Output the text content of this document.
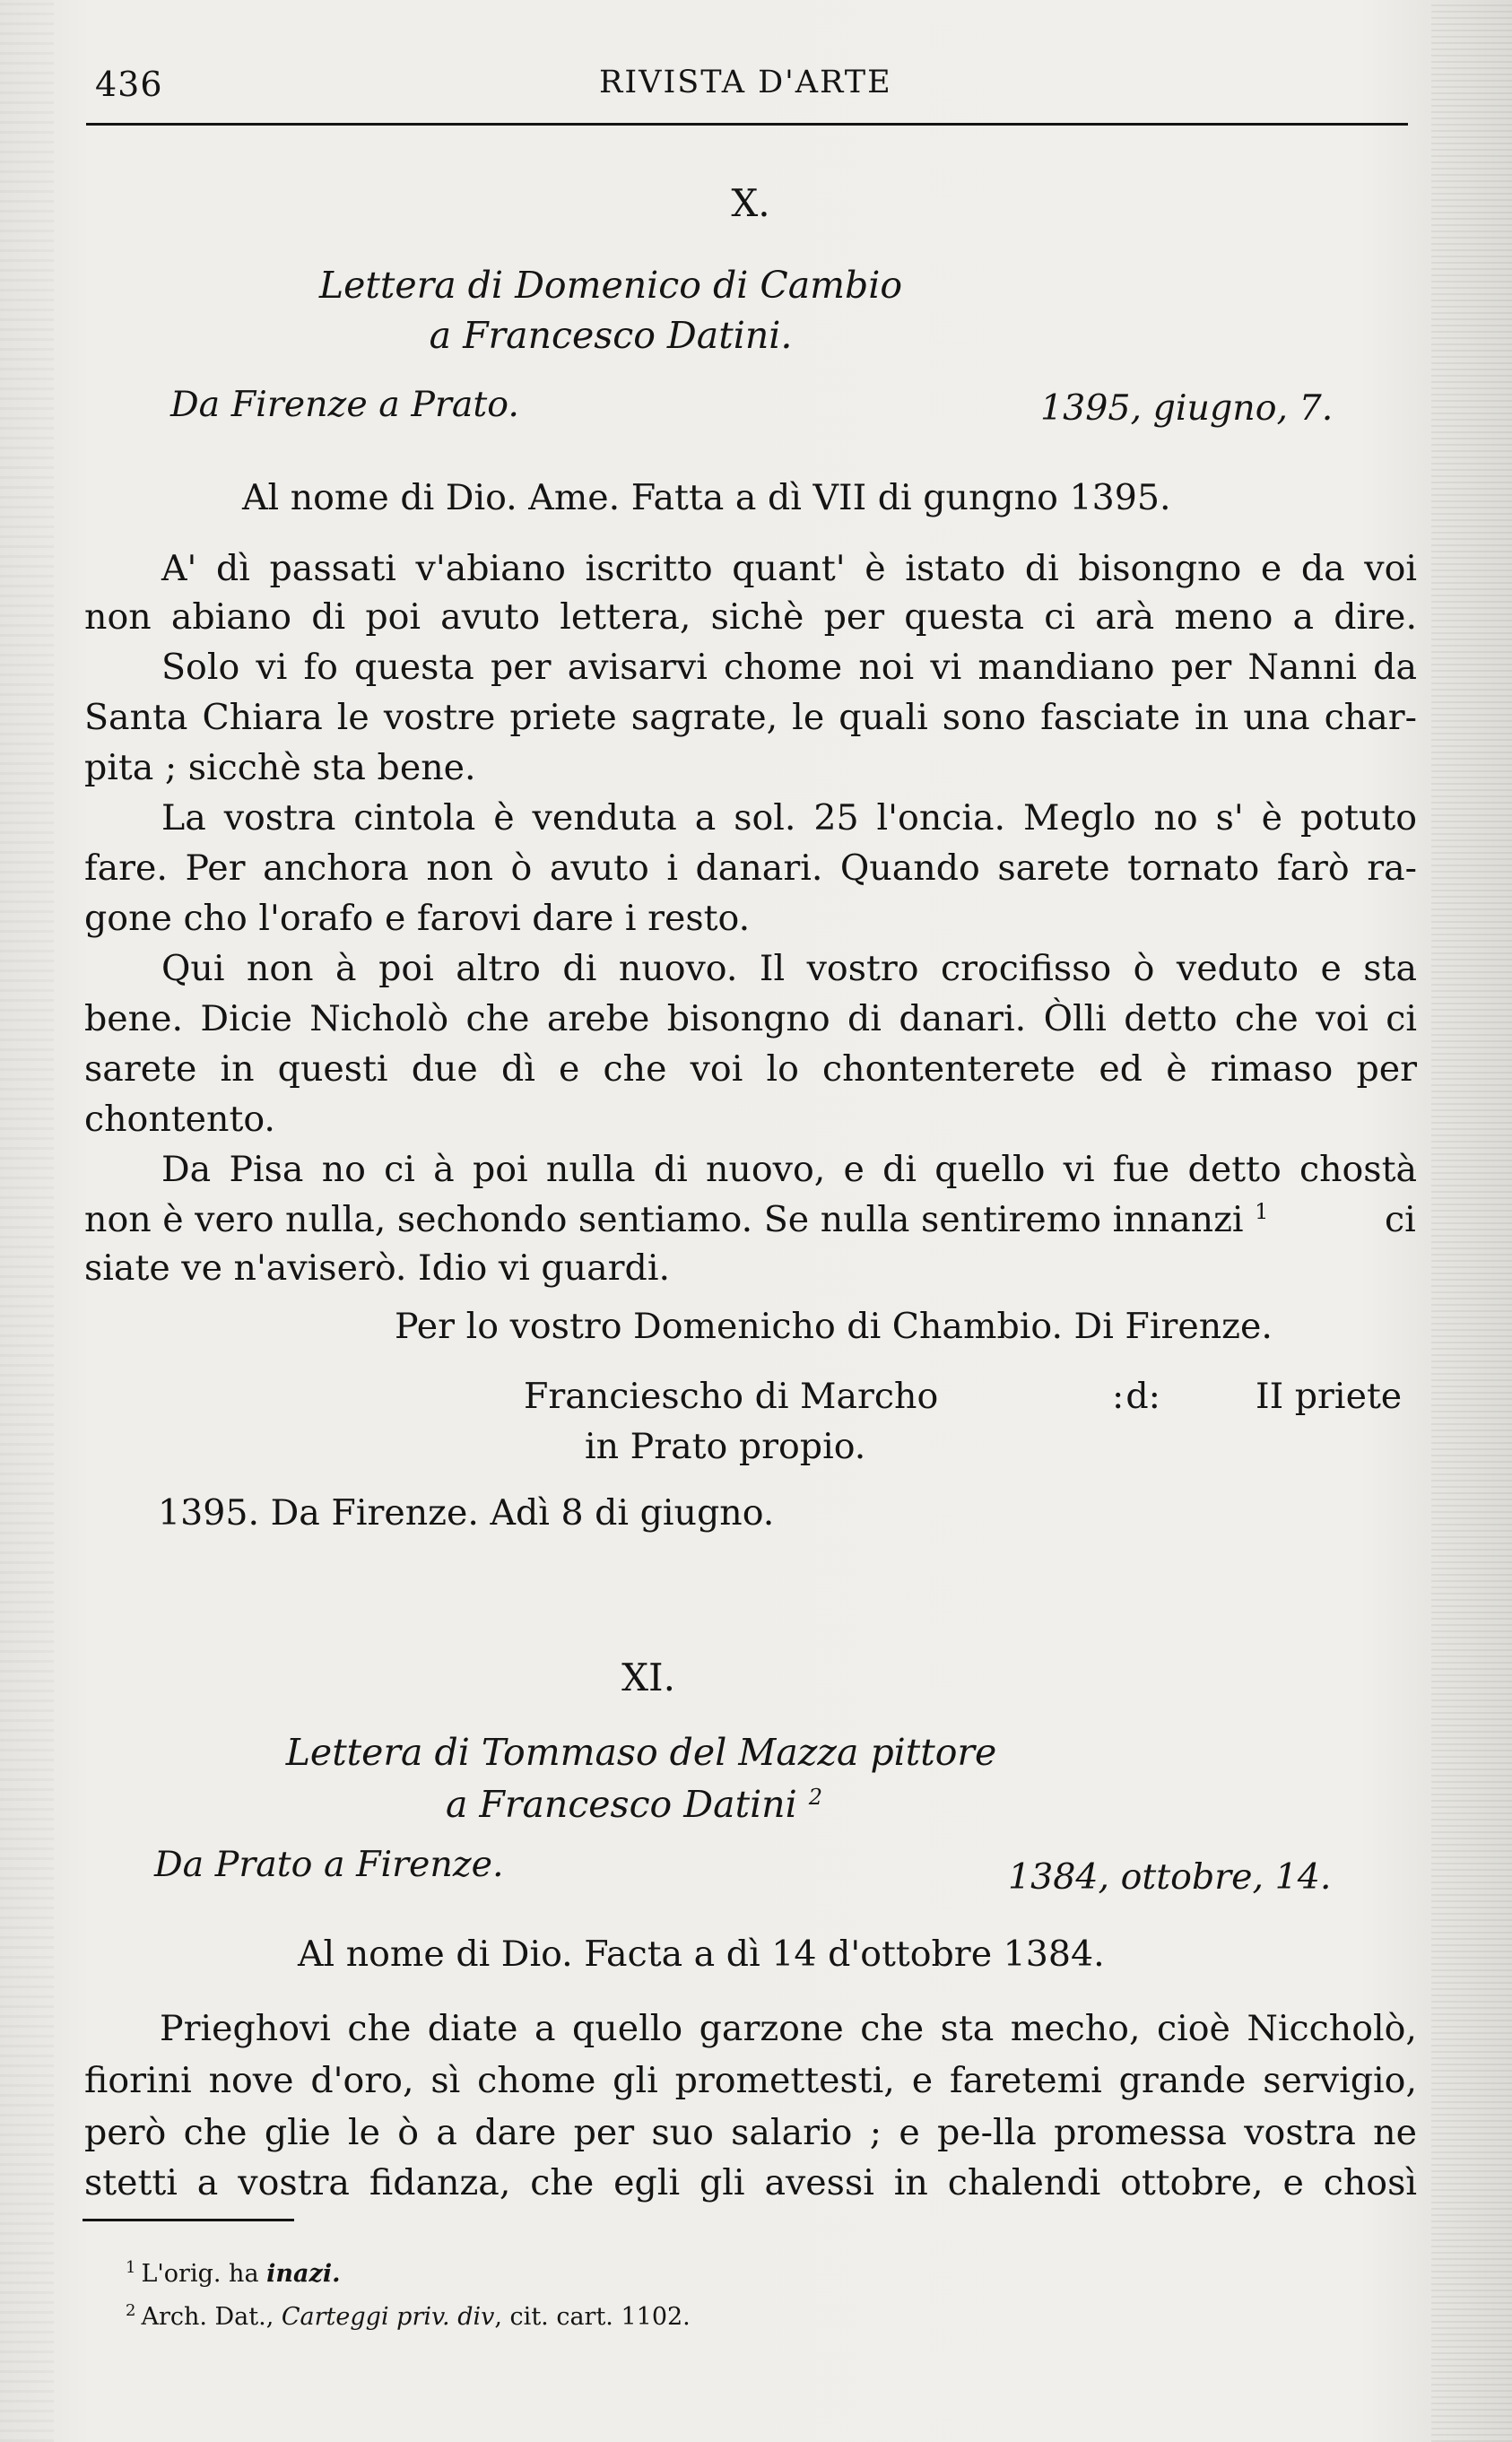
436	RIVISTA D'ARTE
X.
Lettera di Domenico di Cambio
a Francesco Datini.
Da Firenze a Prato.	1395, giugno, 7.
Al nome di Dio. Ame. Fatta a dì VII di gungno 1395.

A' dì passati v'abiano iscritto quant' è istato di bisongno e da voi

non abiano di poi avuto lettera, sichè per questa ci arà meno a dire.

Solo vi fo questa per avisarvi chome noi vi mandiano per Nanni da

Santa Chiara le vostre priete sagrate, le quali sono fasciate in una char-

pita ; sicchè sta bene.

La vostra cintola è venduta a sol. 25 l'oncia. Meglo no s' è potuto

fare. Per anchora non ò avuto i danari. Quando sarete tornato farò ra-

gone cho l'orafo e farovi dare i resto.

Qui non à poi altro di nuovo. Il vostro crocifisso ò veduto e sta

bene. Dicie Nicholò che arebe bisongno di danari. Òlli detto che voi ci

sarete in questi due dì e che voi lo chontenterete ed è rimaso per

chontento.

Da Pisa no ci à poi nulla di nuovo, e di quello vi fue detto chostà

non è vero nulla, sechondo sentiamo. Se nulla sentiremo innanzi $^1$	ci

siate ve n'aviserò. Idio vi guardi.

Per lo vostro Domenicho di Chambio. Di Firenze.
Franciescho di Marcho
in Prato propio.
:d:	II priete
1395. Da Firenze. Adì 8 di giugno.
XI.
Lettera di Tommaso del Mazza pittore
a Francesco Datini $^2$
Da Prato a Firenze.	1384, ottobre, 14.
Al nome di Dio. Facta a dì 14 d'ottobre 1384.

Prieghovi che diate a quello garzone che sta mecho, cioè Niccholò,

fiorini nove d'oro, sì chome gli promettesti, e faretemi grande servigio,

però che glie le ò a dare per suo salario ; e pe-lla promessa vostra ne

stetti a vostra fidanza, che egli gli avessi in chalendi ottobre, e chosì

$^1$ L'orig. ha inazi.
$^2$ Arch. Dat., Carteggi priv. div, cit. cart. 1102.
